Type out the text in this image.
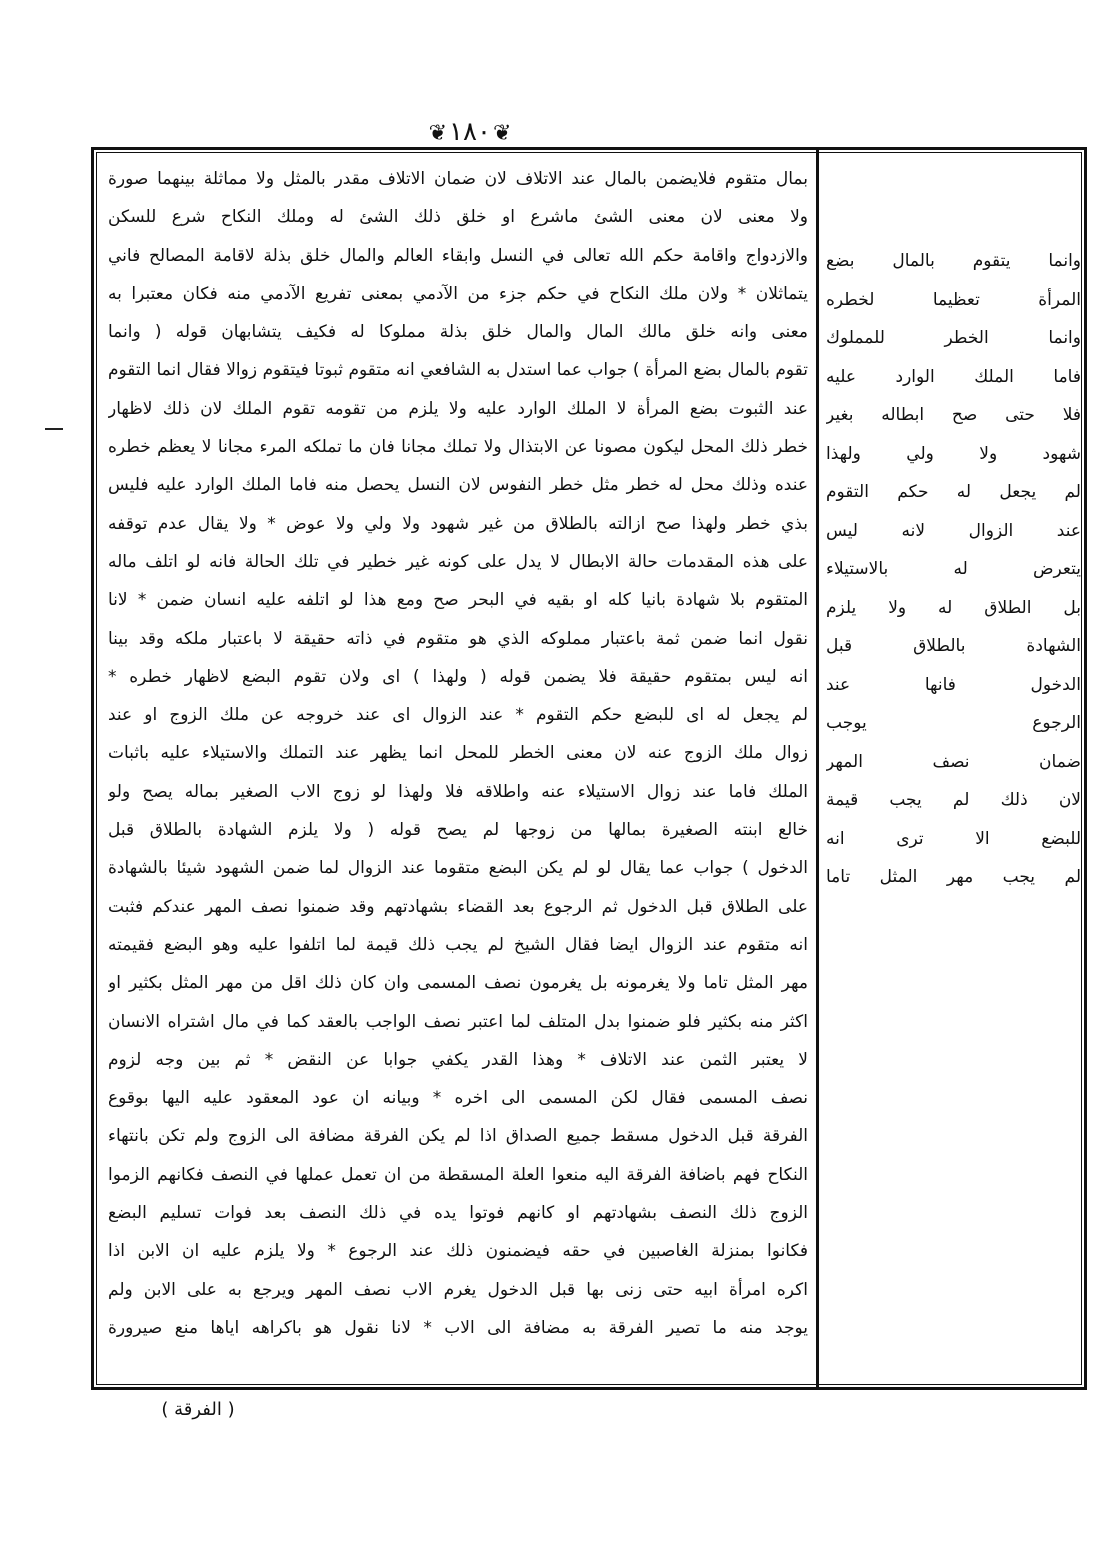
❦١٨٠❦
بمال متقوم فلايضمن بالمال عند الاتلاف لان ضمان الاتلاف مقدر بالمثل ولا مماثلة بينهما صورة
ولا معنى لان معنى الشئ ماشرع او خلق ذلك الشئ له وملك النكاح شرع للسكن
والازدواج واقامة حكم الله تعالى في النسل وابقاء العالم والمال خلق بذلة لاقامة المصالح فاني
يتماثلان * ولان ملك النكاح في حكم جزء من الآدمي بمعنى تفريع الآدمي منه فكان معتبرا به
معنى وانه خلق مالك المال والمال خلق بذلة مملوكا له فكيف يتشابهان قوله ( وانما
تقوم بالمال بضع المرأة ) جواب عما استدل به الشافعي انه متقوم ثبوتا فيتقوم زوالا فقال انما التقوم
عند الثبوت بضع المرأة لا الملك الوارد عليه ولا يلزم من تقومه تقوم الملك لان ذلك لاظهار
خطر ذلك المحل ليكون مصونا عن الابتذال ولا تملك مجانا فان ما تملكه المرء مجانا لا يعظم خطره
عنده وذلك محل له خطر مثل خطر النفوس لان النسل يحصل منه فاما الملك الوارد عليه فليس
بذي خطر ولهذا صح ازالته بالطلاق من غير شهود ولا ولي ولا عوض * ولا يقال عدم توقفه
على هذه المقدمات حالة الابطال لا يدل على كونه غير خطير في تلك الحالة فانه لو اتلف ماله
المتقوم بلا شهادة بانيا كله او بقيه في البحر صح ومع هذا لو اتلفه عليه انسان ضمن * لانا
نقول انما ضمن ثمة باعتبار مملوكه الذي هو متقوم في ذاته حقيقة لا باعتبار ملكه وقد بينا
انه ليس بمتقوم حقيقة فلا يضمن قوله ( ولهذا ) اى ولان تقوم البضع لاظهار خطره *
لم يجعل له اى للبضع حكم التقوم * عند الزوال اى عند خروجه عن ملك الزوج او عند
زوال ملك الزوج عنه لان معنى الخطر للمحل انما يظهر عند التملك والاستيلاء عليه باثبات
الملك فاما عند زوال الاستيلاء عنه واطلاقه فلا ولهذا لو زوج الاب الصغير بماله يصح ولو
خالع ابنته الصغيرة بمالها من زوجها لم يصح قوله ( ولا يلزم الشهادة بالطلاق قبل
الدخول ) جواب عما يقال لو لم يكن البضع متقوما عند الزوال لما ضمن الشهود شيئا بالشهادة
على الطلاق قبل الدخول ثم الرجوع بعد القضاء بشهادتهم وقد ضمنوا نصف المهر عندكم فثبت
انه متقوم عند الزوال ايضا فقال الشيخ لم يجب ذلك قيمة لما اتلفوا عليه وهو البضع فقيمته
مهر المثل تاما ولا يغرمونه بل يغرمون نصف المسمى وان كان ذلك اقل من مهر المثل بكثير او
اكثر منه بكثير فلو ضمنوا بدل المتلف لما اعتبر نصف الواجب بالعقد كما في مال اشتراه الانسان
لا يعتبر الثمن عند الاتلاف * وهذا القدر يكفي جوابا عن النقض * ثم بين وجه لزوم
نصف المسمى فقال لكن المسمى الى اخره * وبيانه ان عود المعقود عليه اليها بوقوع
الفرقة قبل الدخول مسقط جميع الصداق اذا لم يكن الفرقة مضافة الى الزوج ولم تكن بانتهاء
النكاح فهم باضافة الفرقة اليه منعوا العلة المسقطة من ان تعمل عملها في النصف فكانهم الزموا
الزوج ذلك النصف بشهادتهم او كانهم فوتوا يده في ذلك النصف بعد فوات تسليم البضع
فكانوا بمنزلة الغاصبين في حقه فيضمنون ذلك عند الرجوع * ولا يلزم عليه ان الابن اذا
اكره امرأة ابيه حتى زنى بها قبل الدخول يغرم الاب نصف المهر ويرجع به على الابن ولم
يوجد منه ما تصير الفرقة به مضافة الى الاب * لانا نقول هو باكراهه اياها منع صيرورة
وانما يتقوم بالمال بضع
المرأة تعظيما لخطره
وانما الخطر للمملوك
فاما الملك الوارد عليه
فلا حتى صح ابطاله بغير
شهود ولا ولي ولهذا
لم يجعل له حكم التقوم
عند الزوال لانه ليس
يتعرض له بالاستيلاء
بل الطلاق له ولا يلزم
الشهادة بالطلاق قبل
الدخول فانها عند
الرجوع يوجب
ضمان نصف المهر
لان ذلك لم يجب قيمة
للبضع الا ترى انه
لم يجب مهر المثل تاما
( الفرقة )
